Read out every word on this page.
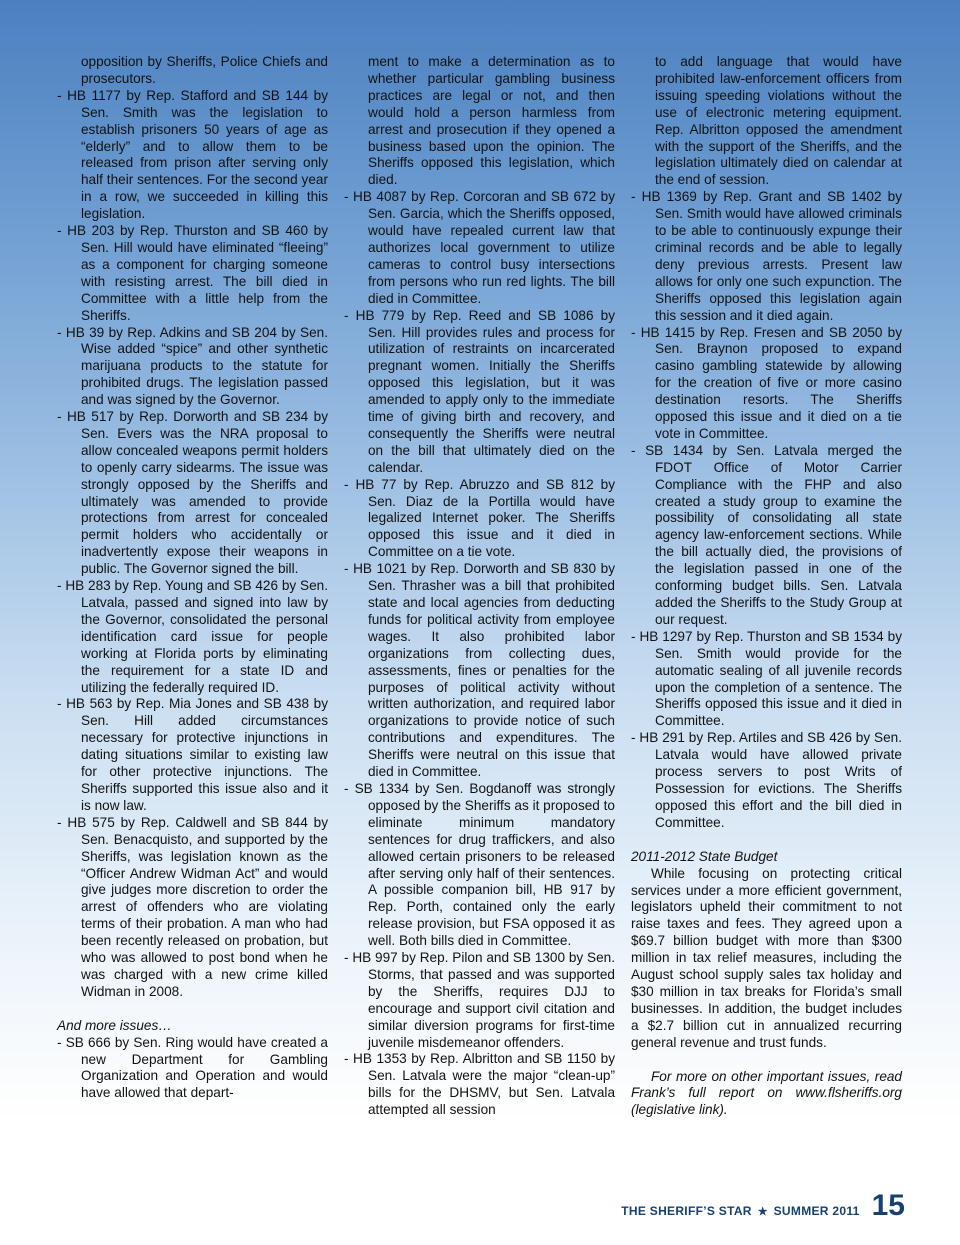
opposition by Sheriffs, Police Chiefs and prosecutors.
- HB 1177 by Rep. Stafford and SB 144 by Sen. Smith was the legislation to establish prisoners 50 years of age as “elderly” and to allow them to be released from prison after serving only half their sentences. For the second year in a row, we succeeded in killing this legislation.
- HB 203 by Rep. Thurston and SB 460 by Sen. Hill would have eliminated “fleeing” as a component for charging someone with resisting arrest. The bill died in Committee with a little help from the Sheriffs.
- HB 39 by Rep. Adkins and SB 204 by Sen. Wise added “spice” and other synthetic marijuana products to the statute for prohibited drugs. The legislation passed and was signed by the Governor.
- HB 517 by Rep. Dorworth and SB 234 by Sen. Evers was the NRA proposal to allow concealed weapons permit holders to openly carry sidearms. The issue was strongly opposed by the Sheriffs and ultimately was amended to provide protections from arrest for concealed permit holders who accidentally or inadvertently expose their weapons in public. The Governor signed the bill.
- HB 283 by Rep. Young and SB 426 by Sen. Latvala, passed and signed into law by the Governor, consolidated the personal identification card issue for people working at Florida ports by eliminating the requirement for a state ID and utilizing the federally required ID.
- HB 563 by Rep. Mia Jones and SB 438 by Sen. Hill added circumstances necessary for protective injunctions in dating situations similar to existing law for other protective injunctions. The Sheriffs supported this issue also and it is now law.
- HB 575 by Rep. Caldwell and SB 844 by Sen. Benacquisto, and supported by the Sheriffs, was legislation known as the “Officer Andrew Widman Act” and would give judges more discretion to order the arrest of offenders who are violating terms of their probation. A man who had been recently released on probation, but who was allowed to post bond when he was charged with a new crime killed Widman in 2008.
And more issues…
- SB 666 by Sen. Ring would have created a new Department for Gambling Organization and Operation and would have allowed that depart-
ment to make a determination as to whether particular gambling business practices are legal or not, and then would hold a person harmless from arrest and prosecution if they opened a business based upon the opinion. The Sheriffs opposed this legislation, which died.
- HB 4087 by Rep. Corcoran and SB 672 by Sen. Garcia, which the Sheriffs opposed, would have repealed current law that authorizes local government to utilize cameras to control busy intersections from persons who run red lights. The bill died in Committee.
- HB 779 by Rep. Reed and SB 1086 by Sen. Hill provides rules and process for utilization of restraints on incarcerated pregnant women. Initially the Sheriffs opposed this legislation, but it was amended to apply only to the immediate time of giving birth and recovery, and consequently the Sheriffs were neutral on the bill that ultimately died on the calendar.
- HB 77 by Rep. Abruzzo and SB 812 by Sen. Diaz de la Portilla would have legalized Internet poker. The Sheriffs opposed this issue and it died in Committee on a tie vote.
- HB 1021 by Rep. Dorworth and SB 830 by Sen. Thrasher was a bill that prohibited state and local agencies from deducting funds for political activity from employee wages. It also prohibited labor organizations from collecting dues, assessments, fines or penalties for the purposes of political activity without written authorization, and required labor organizations to provide notice of such contributions and expenditures. The Sheriffs were neutral on this issue that died in Committee.
- SB 1334 by Sen. Bogdanoff was strongly opposed by the Sheriffs as it proposed to eliminate minimum mandatory sentences for drug traffickers, and also allowed certain prisoners to be released after serving only half of their sentences. A possible companion bill, HB 917 by Rep. Porth, contained only the early release provision, but FSA opposed it as well. Both bills died in Committee.
- HB 997 by Rep. Pilon and SB 1300 by Sen. Storms, that passed and was supported by the Sheriffs, requires DJJ to encourage and support civil citation and similar diversion programs for first-time juvenile misdemeanor offenders.
- HB 1353 by Rep. Albritton and SB 1150 by Sen. Latvala were the major “clean-up” bills for the DHSMV, but Sen. Latvala attempted all session
to add language that would have prohibited law-enforcement officers from issuing speeding violations without the use of electronic metering equipment. Rep. Albritton opposed the amendment with the support of the Sheriffs, and the legislation ultimately died on calendar at the end of session.
- HB 1369 by Rep. Grant and SB 1402 by Sen. Smith would have allowed criminals to be able to continuously expunge their criminal records and be able to legally deny previous arrests. Present law allows for only one such expunction. The Sheriffs opposed this legislation again this session and it died again.
- HB 1415 by Rep. Fresen and SB 2050 by Sen. Braynon proposed to expand casino gambling statewide by allowing for the creation of five or more casino destination resorts. The Sheriffs opposed this issue and it died on a tie vote in Committee.
- SB 1434 by Sen. Latvala merged the FDOT Office of Motor Carrier Compliance with the FHP and also created a study group to examine the possibility of consolidating all state agency law-enforcement sections. While the bill actually died, the provisions of the legislation passed in one of the conforming budget bills. Sen. Latvala added the Sheriffs to the Study Group at our request.
- HB 1297 by Rep. Thurston and SB 1534 by Sen. Smith would provide for the automatic sealing of all juvenile records upon the completion of a sentence. The Sheriffs opposed this issue and it died in Committee.
- HB 291 by Rep. Artiles and SB 426 by Sen. Latvala would have allowed private process servers to post Writs of Possession for evictions. The Sheriffs opposed this effort and the bill died in Committee.
2011-2012 State Budget
While focusing on protecting critical services under a more efficient government, legislators upheld their commitment to not raise taxes and fees. They agreed upon a $69.7 billion budget with more than $300 million in tax relief measures, including the August school supply sales tax holiday and $30 million in tax breaks for Florida’s small businesses. In addition, the budget includes a $2.7 billion cut in annualized recurring general revenue and trust funds.
For more on other important issues, read Frank’s full report on www.flsheriffs.org (legislative link).
THE SHERIFF’S STAR ★ SUMMER 2011 15
